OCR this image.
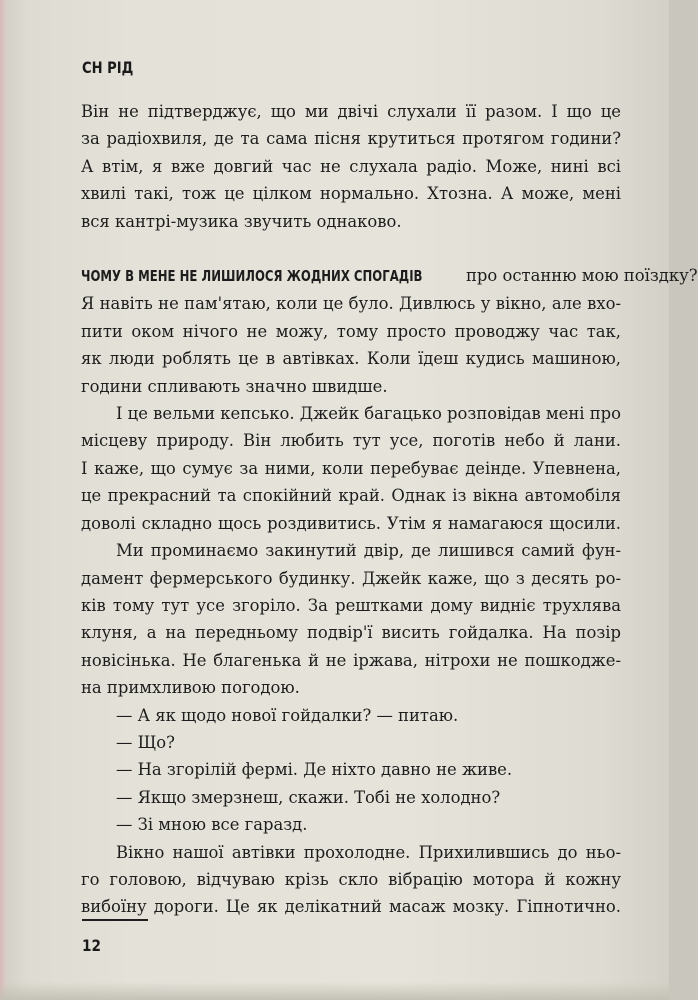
СН РІД

Він не підтверджує, що ми двічі слухали її разом. І що це

за радіохвиля, де та сама пісня крутиться протягом години?

А втім, я вже довгий час не слухала радіо. Може, нині всі

хвилі такі, тож це цілком нормально. Хтозна. А може, мені

вся кантрі-музика звучить однаково.

ЧОМУ В МЕНЕ НЕ ЛИШИЛОСЯ ЖОДНИХ СПОГАДІВ про останню мою поїздку?

Я навіть не пам'ятаю, коли це було. Дивлюсь у вікно, але вхо-

пити оком нічого не можу, тому просто проводжу час так,

як люди роблять це в автівках. Коли їдеш кудись машиною,

години спливають значно швидше.

І це вельми кепсько. Джейк багацько розповідав мені про

місцеву природу. Він любить тут усе, поготів небо й лани.

І каже, що сумує за ними, коли перебуває деінде. Упевнена,

це прекрасний та спокійний край. Однак із вікна автомобіля

доволі складно щось роздивитись. Утім я намагаюся щосили.

Ми проминаємо закинутий двір, де лишився самий фун-

дамент фермерського будинку. Джейк каже, що з десять ро-

ків тому тут усе згоріло. За рештками дому видніє трухлява

клуня, а на передньому подвір'ї висить гойдалка. На позір

новісінька. Не благенька й не іржава, нітрохи не пошкодже-

на примхливою погодою.

— А як щодо нової гойдалки? — питаю.

— Що?

— На згорілій фермі. Де ніхто давно не живе.

— Якщо змерзнеш, скажи. Тобі не холодно?

— Зі мною все гаразд.

Вікно нашої автівки прохолодне. Прихилившись до ньо-

го головою, відчуваю крізь скло вібрацію мотора й кожну

вибоїну дороги. Це як делікатний масаж мозку. Гіпнотично.

12
